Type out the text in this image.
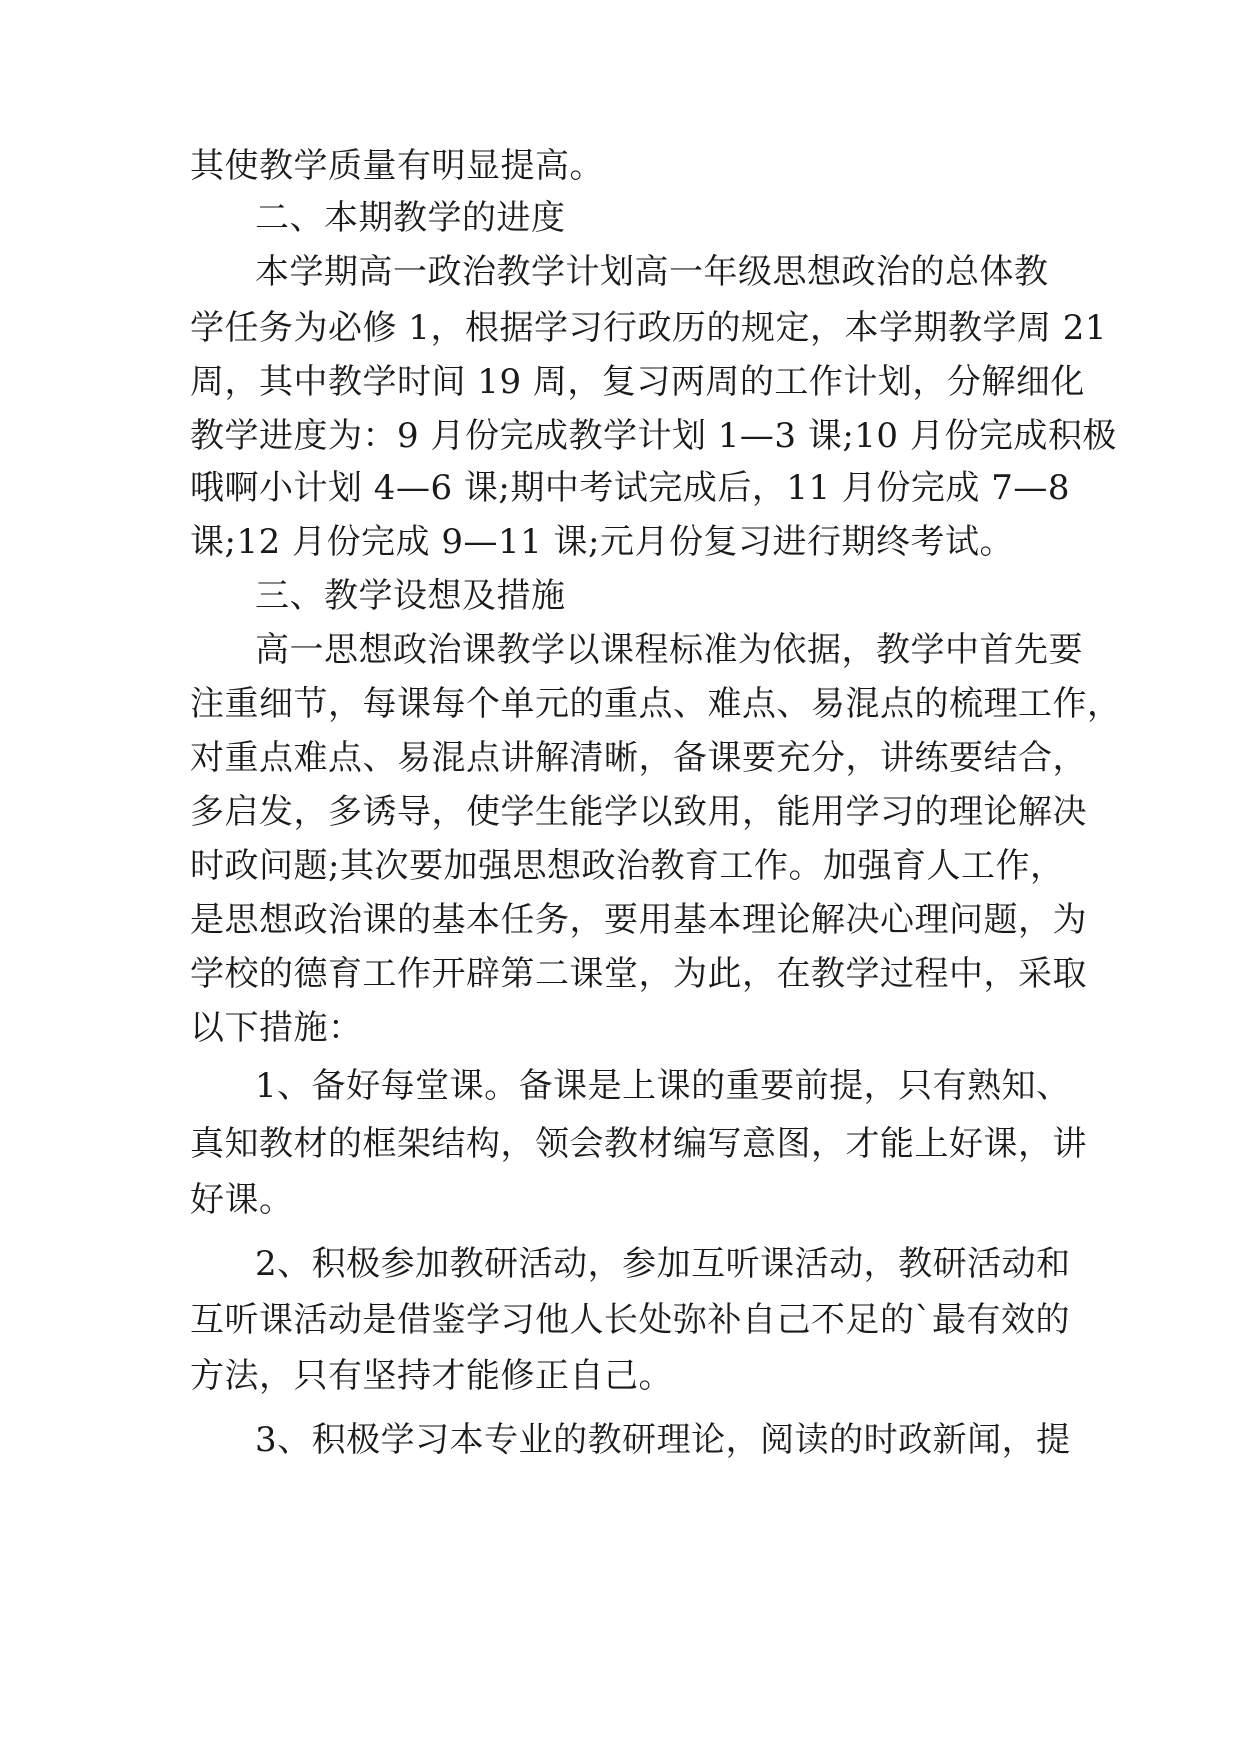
其使教学质量有明显提高。
二、本期教学的进度
本学期高一政治教学计划高一年级思想政治的总体教
学任务为必修 1，根据学习行政历的规定，本学期教学周 21
周，其中教学时间 19 周，复习两周的工作计划，分解细化
教学进度为：9 月份完成教学计划 1—3 课;10 月份完成积极
哦啊小计划 4—6 课;期中考试完成后，11 月份完成 7—8
课;12 月份完成 9—11 课;元月份复习进行期终考试。
三、教学设想及措施
高一思想政治课教学以课程标准为依据，教学中首先要
注重细节，每课每个单元的重点、难点、易混点的梳理工作，
对重点难点、易混点讲解清晰，备课要充分，讲练要结合，
多启发，多诱导，使学生能学以致用，能用学习的理论解决
时政问题;其次要加强思想政治教育工作。加强育人工作，
是思想政治课的基本任务，要用基本理论解决心理问题，为
学校的德育工作开辟第二课堂，为此，在教学过程中，采取
以下措施：
1、备好每堂课。备课是上课的重要前提，只有熟知、
真知教材的框架结构，领会教材编写意图，才能上好课，讲
好课。
2、积极参加教研活动，参加互听课活动，教研活动和
互听课活动是借鉴学习他人长处弥补自己不足的`最有效的
方法，只有坚持才能修正自己。
3、积极学习本专业的教研理论，阅读的时政新闻，提
